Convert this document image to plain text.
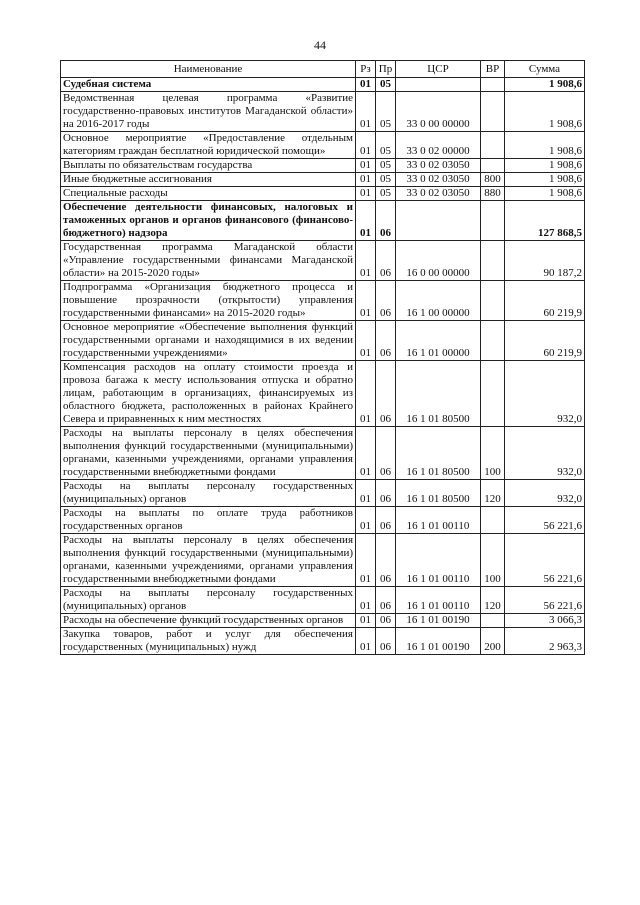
44
Наименование	Рз	Пр	ЦСР	ВР	Сумма
Судебная система	01	05			1 908,6
Ведомственная целевая программа «Развитие государственно-правовых институтов Магаданской области» на 2016-2017 годы	01	05	33 0 00 00000		1 908,6
Основное мероприятие «Предоставление отдельным категориям граждан бесплатной юридической помощи»	01	05	33 0 02 00000		1 908,6
Выплаты по обязательствам государства	01	05	33 0 02 03050		1 908,6
Иные бюджетные ассигнования	01	05	33 0 02 03050	800	1 908,6
Специальные расходы	01	05	33 0 02 03050	880	1 908,6
Обеспечение деятельности финансовых, налоговых и таможенных органов и органов финансового (финансово-бюджетного) надзора	01	06			127 868,5
Государственная программа Магаданской области «Управление государственными финансами Магаданской области» на 2015-2020 годы»	01	06	16 0 00 00000		90 187,2
Подпрограмма «Организация бюджетного процесса и повышение прозрачности (открытости) управления государственными финансами» на 2015-2020 годы»	01	06	16 1 00 00000		60 219,9
Основное мероприятие «Обеспечение выполнения функций государственными органами и находящимися в их ведении государственными учреждениями»	01	06	16 1 01 00000		60 219,9
Компенсация расходов на оплату стоимости проезда и провоза багажа к месту использования отпуска и обратно лицам, работающим в организациях, финансируемых из областного бюджета, расположенных в районах Крайнего Севера и приравненных к ним местностях	01	06	16 1 01 80500		932,0
Расходы на выплаты персоналу в целях обеспечения выполнения функций государственными (муниципальными) органами, казенными учреждениями, органами управления государственными внебюджетными фондами	01	06	16 1 01 80500	100	932,0
Расходы на выплаты персоналу государственных (муниципальных) органов	01	06	16 1 01 80500	120	932,0
Расходы на выплаты по оплате труда работников государственных органов	01	06	16 1 01 00110		56 221,6
Расходы на выплаты персоналу в целях обеспечения выполнения функций государственными (муниципальными) органами, казенными учреждениями, органами управления государственными внебюджетными фондами	01	06	16 1 01 00110	100	56 221,6
Расходы на выплаты персоналу государственных (муниципальных) органов	01	06	16 1 01 00110	120	56 221,6
Расходы на обеспечение функций государственных органов	01	06	16 1 01 00190		3 066,3
Закупка товаров, работ и услуг для обеспечения государственных (муниципальных) нужд	01	06	16 1 01 00190	200	2 963,3
